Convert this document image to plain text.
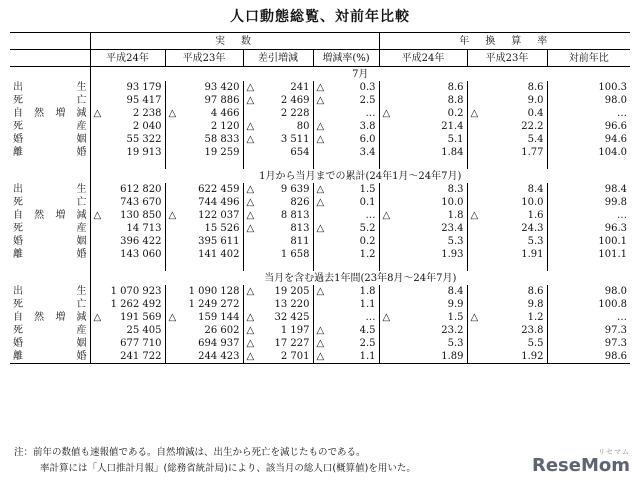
人口動態総覧、対前年比較
	実　数				年　換　算　率		
	平成24年	平成23年	差引増減	増減率(%)	平成24年	平成23年	対前年比
	7月						
出生	93 179	93 420	△ 241	△ 0.3	8.6	8.6	100.3
死亡	95 417	97 886	△ 2 469	△ 2.5	8.8	9.0	98.0
自然増減	△ 2 238	△ 4 466	2 228	…	△ 0.2	△ 0.4	…
死産	2 040	2 120	△ 80	△ 3.8	21.4	22.2	96.6
婚姻	55 322	58 833	△ 3 511	△ 6.0	5.1	5.4	94.6
離婚	19 913	19 259	654	3.4	1.84	1.77	104.0

	1月から当月までの累計(24年1月～24年7月)						
出生	612 820	622 459	△ 9 639	△ 1.5	8.3	8.4	98.4
死亡	743 670	744 496	△ 826	△ 0.1	10.0	10.0	99.8
自然増減	△ 130 850	△ 122 037	△ 8 813	…	△ 1.8	△ 1.6	…
死産	14 713	15 526	△ 813	△ 5.2	23.4	24.3	96.3
婚姻	396 422	395 611	811	0.2	5.3	5.3	100.1
離婚	143 060	141 402	1 658	1.2	1.93	1.91	101.1

	当月を含む過去1年間(23年8月～24年7月)						
出生	1 070 923	1 090 128	△ 19 205	△ 1.8	8.4	8.6	98.0
死亡	1 262 492	1 249 272	13 220	1.1	9.9	9.8	100.8
自然増減	△ 191 569	△ 159 144	△ 32 425	…	△ 1.5	△ 1.2	…
死産	25 405	26 602	△ 1 197	△ 4.5	23.2	23.8	97.3
婚姻	677 710	694 937	△ 17 227	△ 2.5	5.3	5.5	97.3
離婚	241 722	244 423	△ 2 701	△ 1.1	1.89	1.92	98.6
注：前年の数値も速報値である。自然増減は、出生から死亡を減じたものである。
率計算には「人口推計月報」(総務省統計局)により、該当月の総人口(概算値)を用いた。
リセマム
ReseMom
